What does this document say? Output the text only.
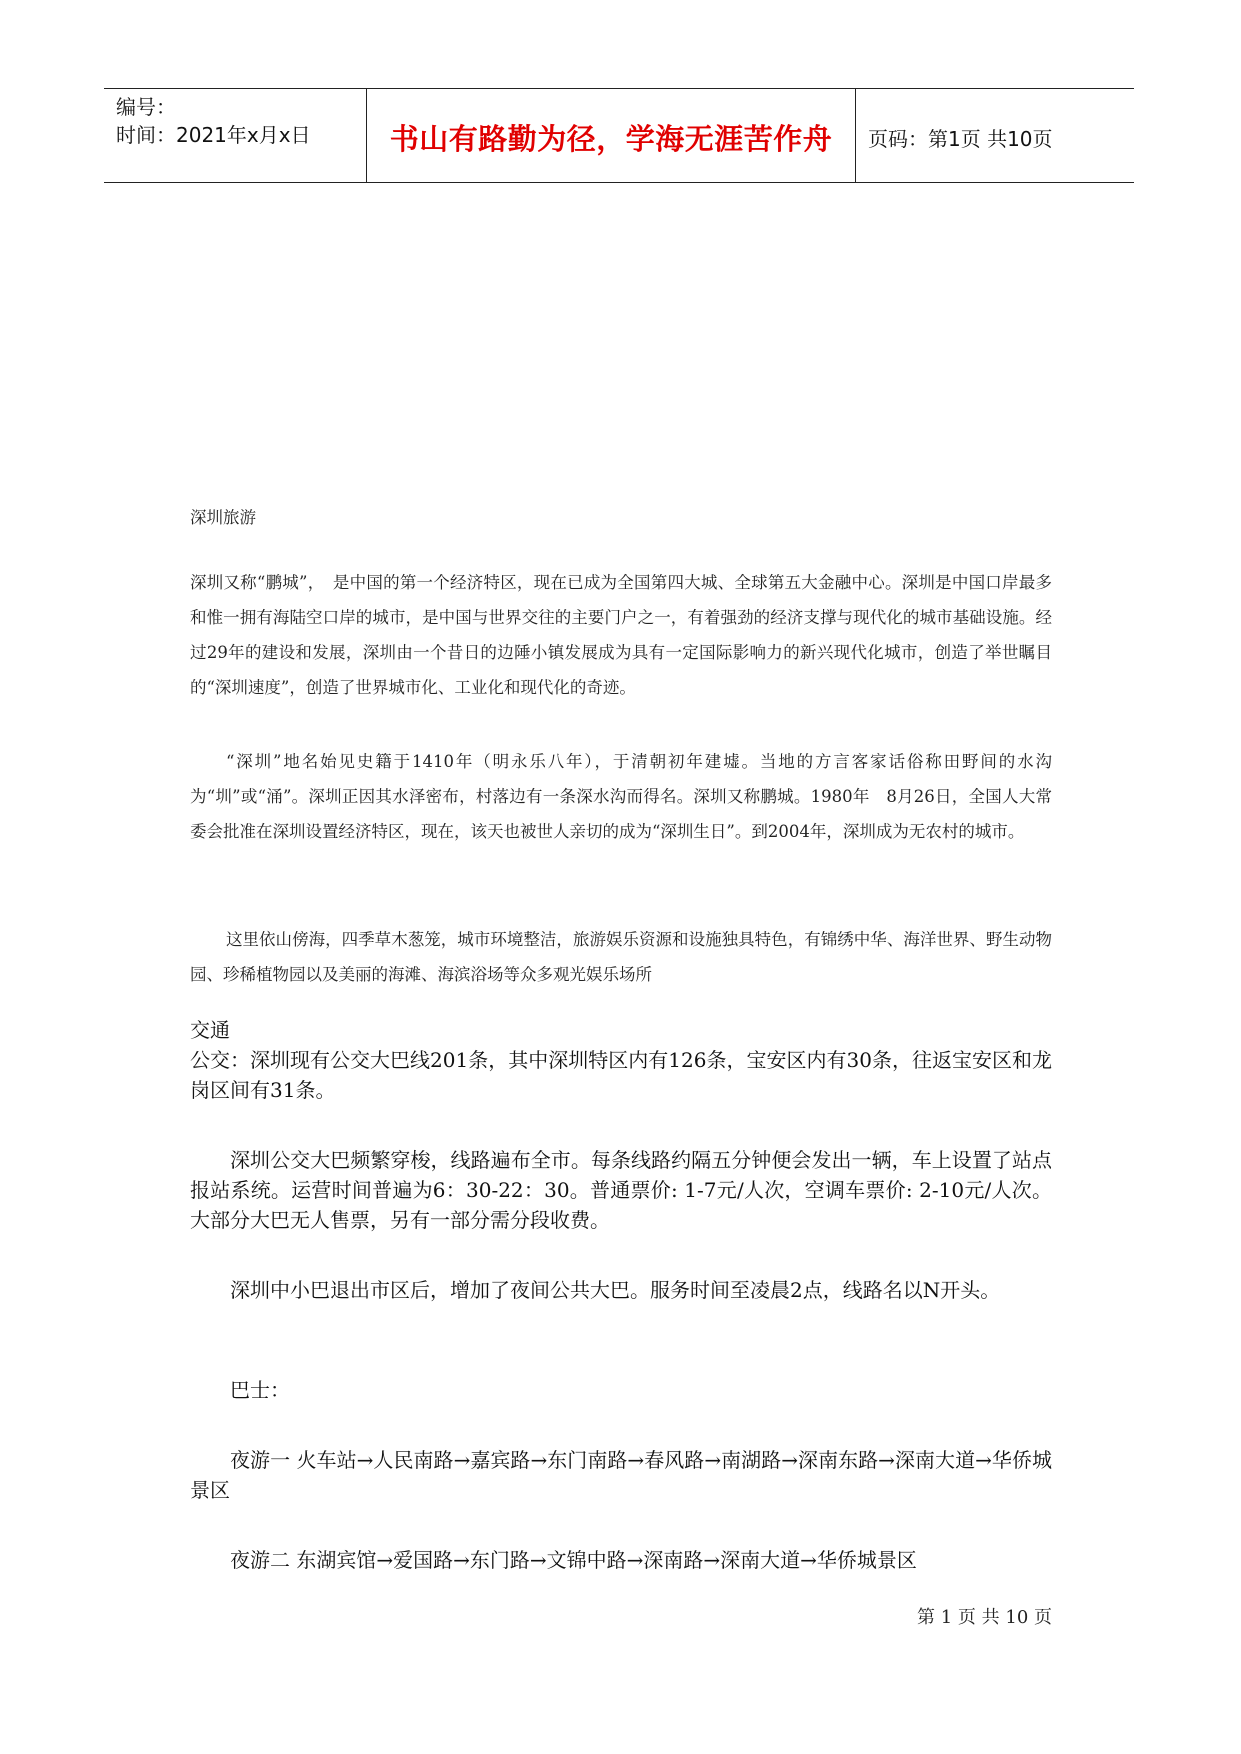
编号：
时间：2021年x月x日	书山有路勤为径，学海无涯苦作舟	页码：第1页 共10页
深圳旅游

深圳又称“鹏城”，　是中国的第一个经济特区，现在已成为全国第四大城、全球第五大金融中心。深圳是中国口岸最多和惟一拥有海陆空口岸的城市，是中国与世界交往的主要门户之一，有着强劲的经济支撑与现代化的城市基础设施。经过29年的建设和发展，深圳由一个昔日的边陲小镇发展成为具有一定国际影响力的新兴现代化城市，创造了举世瞩目的“深圳速度”，创造了世界城市化、工业化和现代化的奇迹。

“深圳”地名始见史籍于1410年（明永乐八年），于清朝初年建墟。当地的方言客家话俗称田野间的水沟为“圳”或“涌”。深圳正因其水泽密布，村落边有一条深水沟而得名。深圳又称鹏城。1980年　8月26日，全国人大常委会批准在深圳设置经济特区，现在，该天也被世人亲切的成为“深圳生日”。到2004年，深圳成为无农村的城市。

这里依山傍海，四季草木葱笼，城市环境整洁，旅游娱乐资源和设施独具特色，有锦绣中华、海洋世界、野生动物园、珍稀植物园以及美丽的海滩、海滨浴场等众多观光娱乐场所

交通

公交：深圳现有公交大巴线201条，其中深圳特区内有126条，宝安区内有30条，往返宝安区和龙岗区间有31条。

深圳公交大巴频繁穿梭，线路遍布全市。每条线路约隔五分钟便会发出一辆，车上设置了站点报站系统。运营时间普遍为6：30-22：30。普通票价: 1-7元/人次，空调车票价: 2-10元/人次。大部分大巴无人售票，另有一部分需分段收费。

深圳中小巴退出市区后，增加了夜间公共大巴。服务时间至凌晨2点，线路名以N开头。

巴士：

夜游一 火车站→人民南路→嘉宾路→东门南路→春风路→南湖路→深南东路→深南大道→华侨城景区

夜游二 东湖宾馆→爱国路→东门路→文锦中路→深南路→深南大道→华侨城景区

第 1 页 共 10 页
